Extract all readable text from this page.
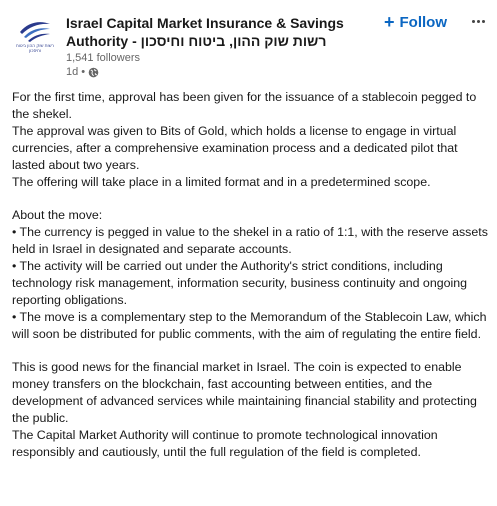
רשות שוק ההון ביטוח וחיסכון
Israel Capital Market Insurance & Savings Authority - רשות שוק ההון, ביטוח וחיסכון
1,541 followers
1d •
+ Follow

For the first time, approval has been given for the issuance of a stablecoin pegged to the shekel.

The approval was given to Bits of Gold, which holds a license to engage in virtual currencies, after a comprehensive examination process and a dedicated pilot that lasted about two years.

The offering will take place in a limited format and in a predetermined scope.

About the move:

• The currency is pegged in value to the shekel in a ratio of 1:1, with the reserve assets held in Israel in designated and separate accounts.

• The activity will be carried out under the Authority's strict conditions, including technology risk management, information security, business continuity and ongoing reporting obligations.

• The move is a complementary step to the Memorandum of the Stablecoin Law, which will soon be distributed for public comments, with the aim of regulating the entire field.

This is good news for the financial market in Israel. The coin is expected to enable money transfers on the blockchain, fast accounting between entities, and the development of advanced services while maintaining financial stability and protecting the public.

The Capital Market Authority will continue to promote technological innovation responsibly and cautiously, until the full regulation of the field is completed.
